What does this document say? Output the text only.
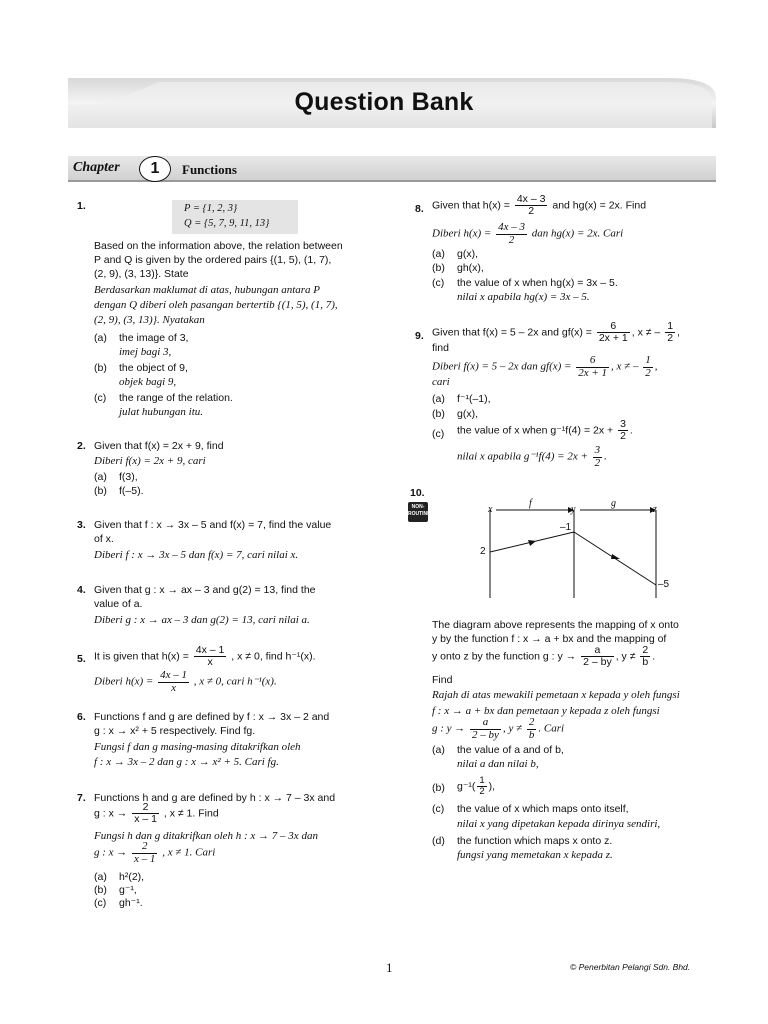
Question Bank
Chapter	1	Functions
1.	P = {1, 2, 3}
Q = {5, 7, 9, 11, 13}
Based on the information above, the relation between
P and Q is given by the ordered pairs {(1, 5), (1, 7),
(2, 9), (3, 13)}. State
Berdasarkan maklumat di atas, hubungan antara P
dengan Q diberi oleh pasangan bertertib {(1, 5), (1, 7),
(2, 9), (3, 13)}. Nyatakan
(a) the image of 3,
imej bagi 3,
(b) the object of 9,
objek bagi 9,
(c) the range of the relation.
julat hubungan itu.
2. Given that f(x) = 2x + 9, find
Diberi f(x) = 2x + 9, cari
(a) f(3),
(b) f(–5).
3. Given that f : x → 3x – 5 and f(x) = 7, find the value
of x.
Diberi f : x → 3x – 5 dan f(x) = 7, cari nilai x.
4. Given that g : x → ax – 3 and g(2) = 13, find the
value of a.
Diberi g : x → ax – 3 dan g(2) = 13, cari nilai a.
5. It is given that $h(x) = \frac{4x - 1}{x}$ , x ≠ 0, find h⁻¹(x).
Diberi $h(x) = \frac{4x - 1}{x}$ , x ≠ 0, cari h⁻¹(x).
6. Functions f and g are defined by f : x → 3x – 2 and
g : x → x² + 5 respectively. Find fg.
Fungsi f dan g masing-masing ditakrifkan oleh
f : x → 3x – 2 dan g : x → x² + 5. Cari fg.
7. Functions h and g are defined by h : x → 7 – 3x and
g : $x \to \frac{2}{x - 1}$ , x ≠ 1. Find
Fungsi h dan g ditakrifkan oleh h : x → 7 – 3x dan
g : $x \to \frac{2}{x - 1}$ , x ≠ 1. Cari
(a) h²(2),
(b) g⁻¹,
(c) gh⁻¹.
8. Given that $h(x) = \frac{4x - 3}{2}$ and hg(x) = 2x. Find
Diberi $h(x) = \frac{4x - 3}{2}$ dan hg(x) = 2x. Cari
(a) g(x),
(b) gh(x),
(c) the value of x when hg(x) = 3x – 5.
nilai x apabila hg(x) = 3x – 5.
9. Given that f(x) = 5 – 2x and $gf(x) = \frac{6}{2x + 1}$ , x ≠ – $\frac{1}{2}$ ,
find
Diberi f(x) = 5 – 2x dan $gf(x) = \frac{6}{2x + 1}$ , x ≠ – $\frac{1}{2}$ ,
cari
(a) f⁻¹(–1),
(b) g(x),
(c) the value of x when $g^{-1}f(4) = 2x + \frac{3}{2}$ .
nilai x apabila $g^{-1}f(4) = 2x + \frac{3}{2}$ .
10.
NON-ROUTINE	x
f
y
g
z
2
–1
–5
The diagram above represents the mapping of x onto
y by the function f : x → a + bx and the mapping of
y onto z by the function g : $y \to \frac{a}{2 - by}$ , $y \ne \frac{2}{b}$ .
Find
Rajah di atas mewakili pemetaan x kepada y oleh fungsi
f : x → a + bx dan pemetaan y kepada z oleh fungsi
g : $y \to \frac{a}{2 - by}$ , $y \ne \frac{2}{b}$ . Cari
(a) the value of a and of b,
nilai a dan nilai b,
(b) $g^{-1}( \frac{1}{2}$ ),
(c) the value of x which maps onto itself,
nilai x yang dipetakan kepada dirinya sendiri,
(d) the function which maps x onto z.
fungsi yang memetakan x kepada z.
1	© Penerbitan Pelangi Sdn. Bhd.
